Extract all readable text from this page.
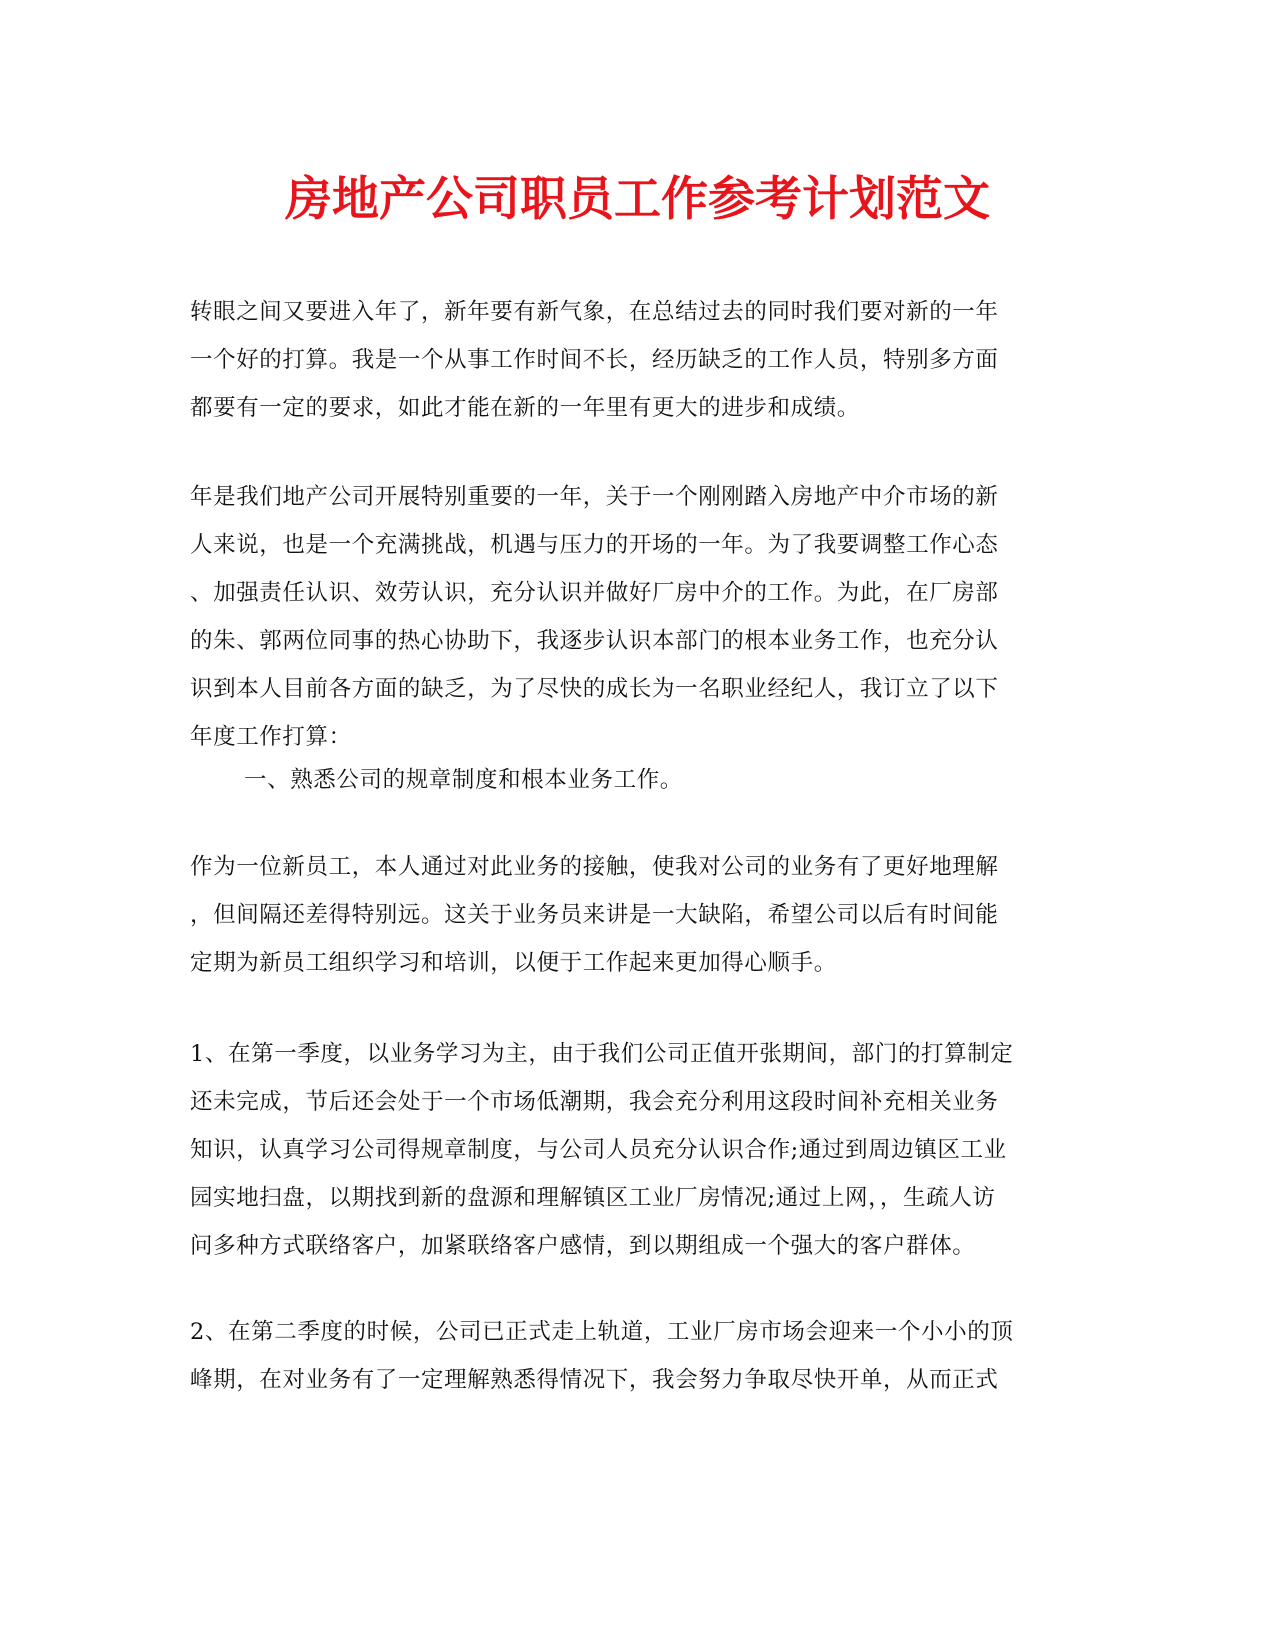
房地产公司职员工作参考计划范文
转眼之间又要进入年了，新年要有新气象，在总结过去的同时我们要对新的一年
一个好的打算。我是一个从事工作时间不长，经历缺乏的工作人员，特别多方面
都要有一定的要求，如此才能在新的一年里有更大的进步和成绩。
年是我们地产公司开展特别重要的一年，关于一个刚刚踏入房地产中介市场的新
人来说，也是一个充满挑战，机遇与压力的开场的一年。为了我要调整工作心态
、加强责任认识、效劳认识，充分认识并做好厂房中介的工作。为此，在厂房部
的朱、郭两位同事的热心协助下，我逐步认识本部门的根本业务工作，也充分认
识到本人目前各方面的缺乏，为了尽快的成长为一名职业经纪人，我订立了以下
年度工作打算：
一、熟悉公司的规章制度和根本业务工作。
作为一位新员工，本人通过对此业务的接触，使我对公司的业务有了更好地理解
，但间隔还差得特别远。这关于业务员来讲是一大缺陷，希望公司以后有时间能
定期为新员工组织学习和培训，以便于工作起来更加得心顺手。
1、在第一季度，以业务学习为主，由于我们公司正值开张期间，部门的打算制定
还未完成，节后还会处于一个市场低潮期，我会充分利用这段时间补充相关业务
知识，认真学习公司得规章制度，与公司人员充分认识合作;通过到周边镇区工业
园实地扫盘，以期找到新的盘源和理解镇区工业厂房情况;通过上网，，生疏人访
问多种方式联络客户，加紧联络客户感情，到以期组成一个强大的客户群体。
2、在第二季度的时候，公司已正式走上轨道，工业厂房市场会迎来一个小小的顶
峰期，在对业务有了一定理解熟悉得情况下，我会努力争取尽快开单，从而正式
